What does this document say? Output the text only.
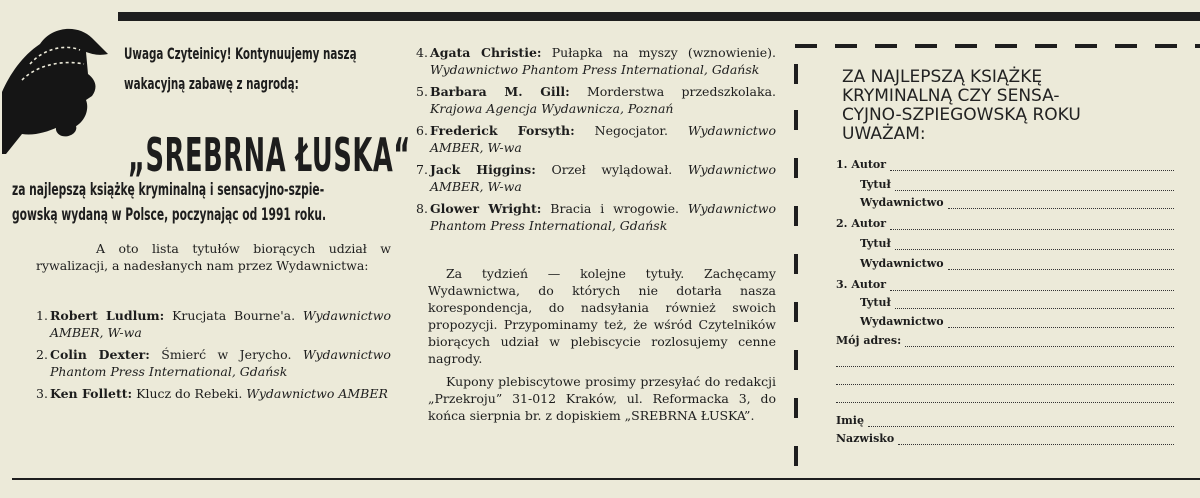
Uwaga Czyteinicy! Kontynuujemy naszą
wakacyjną zabawę z nagrodą:
„SREBRNA ŁUSKA“
za najlepszą książkę kryminalną i sensacyjno-szpie-
gowską wydaną w Polsce, poczynając od 1991 roku.
A oto lista tytułów biorących udział w rywalizacji, a nadesłanych nam przez Wydawnictwa:
1. Robert Ludlum: Krucjata Bourne'a. Wydawnictwo AMBER, W-wa
2. Colin Dexter: Śmierć w Jerycho. Wydawnictwo Phantom Press International, Gdańsk
3. Ken Follett: Klucz do Rebeki. Wydawnictwo AMBER
4. Agata Christie: Pułapka na myszy (wznowienie). Wydawnictwo Phantom Press International, Gdańsk
5. Barbara M. Gill: Morderstwa przedszkolaka. Krajowa Agencja Wydawnicza, Poznań
6. Frederick Forsyth: Negocjator. Wydawnictwo AMBER, W-wa
7. Jack Higgins: Orzeł wylądował. Wydawnictwo AMBER, W-wa
8. Glower Wright: Bracia i wrogowie. Wydawnictwo Phantom Press International, Gdańsk
Za tydzień — kolejne tytuły. Zachęcamy Wydawnictwa, do których nie dotarła nasza korespondencja, do nadsyłania również swoich propozycji. Przypominamy też, że wśród Czytelników biorących udział w plebiscycie rozlosujemy cenne nagrody.
Kupony plebiscytowe prosimy przesyłać do redakcji „Przekroju” 31-012 Kraków, ul. Reformacka 3, do końca sierpnia br. z dopiskiem „SREBRNA ŁUSKA”.
ZA NAJLEPSZĄ KSIĄŻKĘ
KRYMINALNĄ CZY SENSA-
CYJNO-SZPIEGOWSKĄ ROKU
UWAŻAM:
1. Autor
Tytuł
Wydawnictwo
2. Autor
Tytuł
Wydawnictwo
3. Autor
Tytuł
Wydawnictwo
Mój adres:
Imię
Nazwisko
